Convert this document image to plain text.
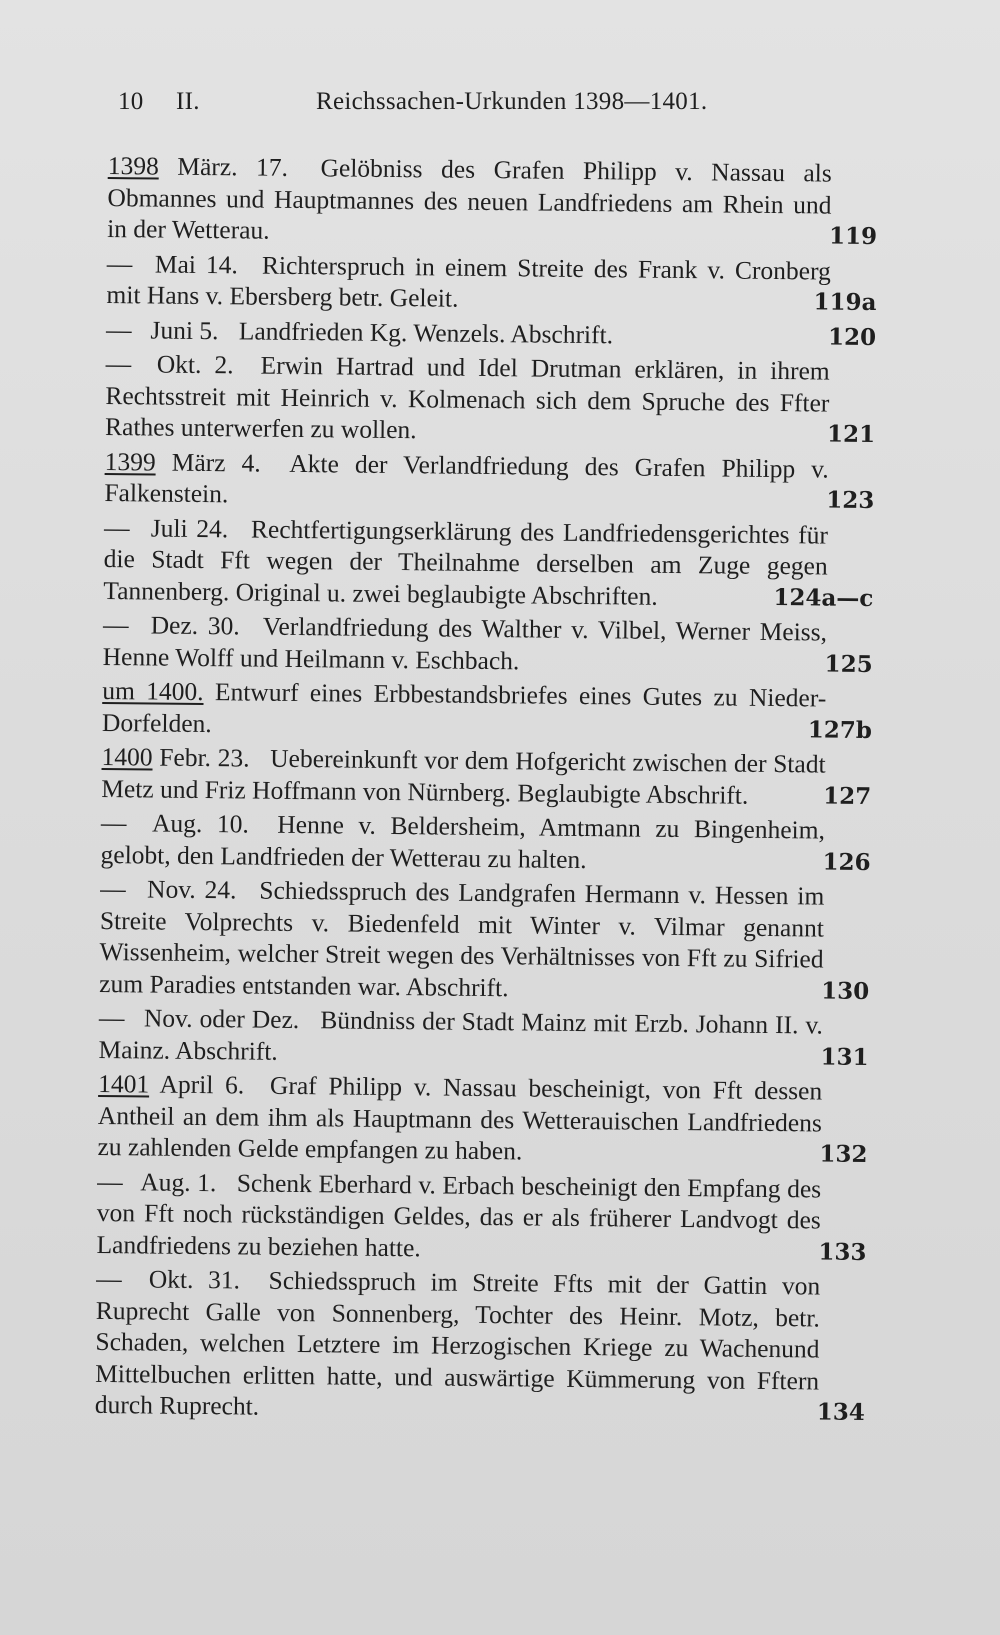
10 II.	Reichssachen-Urkunden 1398—1401.
1398 März. 17. Gelöbniss des Grafen Philipp v. Nassau als Obmannes und Hauptmannes des neuen Landfriedens am Rhein und in der Wetterau.	119
— Mai 14. Richterspruch in einem Streite des Frank v. Cronberg mit Hans v. Ebersberg betr. Geleit.	119a
— Juni 5. Landfrieden Kg. Wenzels. Abschrift.	120
— Okt. 2. Erwin Hartrad und Idel Drutman erklären, in ihrem Rechtsstreit mit Heinrich v. Kolmenach sich dem Spruche des Ffter Rathes unterwerfen zu wollen.	121
1399 März 4. Akte der Verlandfriedung des Grafen Philipp v. Falkenstein.	123
— Juli 24. Rechtfertigungserklärung des Landfriedensgerichtes für die Stadt Fft wegen der Theilnahme derselben am Zuge gegen Tannenberg. Original u. zwei beglaubigte Abschriften.	124a—c
— Dez. 30. Verlandfriedung des Walther v. Vilbel, Werner Meiss, Henne Wolff und Heilmann v. Eschbach.	125
um 1400. Entwurf eines Erbbestandsbriefes eines Gutes zu Nieder-Dorfelden.	127b
1400 Febr. 23. Uebereinkunft vor dem Hofgericht zwischen der Stadt Metz und Friz Hoffmann von Nürnberg. Beglaubigte Abschrift.	127
— Aug. 10. Henne v. Beldersheim, Amtmann zu Bingenheim, gelobt, den Landfrieden der Wetterau zu halten.	126
— Nov. 24. Schiedsspruch des Landgrafen Hermann v. Hessen im Streite Volprechts v. Biedenfeld mit Winter v. Vilmar genannt Wissenheim, welcher Streit wegen des Verhältnisses von Fft zu Sifried zum Paradies entstanden war. Abschrift.	130
— Nov. oder Dez. Bündniss der Stadt Mainz mit Erzb. Johann II. v. Mainz. Abschrift.	131
1401 April 6. Graf Philipp v. Nassau bescheinigt, von Fft dessen Antheil an dem ihm als Hauptmann des Wetterauischen Landfriedens zu zahlenden Gelde empfangen zu haben.	132
— Aug. 1. Schenk Eberhard v. Erbach bescheinigt den Empfang des von Fft noch rückständigen Geldes, das er als früherer Landvogt des Landfriedens zu beziehen hatte.	133
— Okt. 31. Schiedsspruch im Streite Ffts mit der Gattin von Ruprecht Galle von Sonnenberg, Tochter des Heinr. Motz, betr. Schaden, welchen Letztere im Herzogischen Kriege zu Wachenund Mittelbuchen erlitten hatte, und auswärtige Kümmerung von Fftern durch Ruprecht.	134
